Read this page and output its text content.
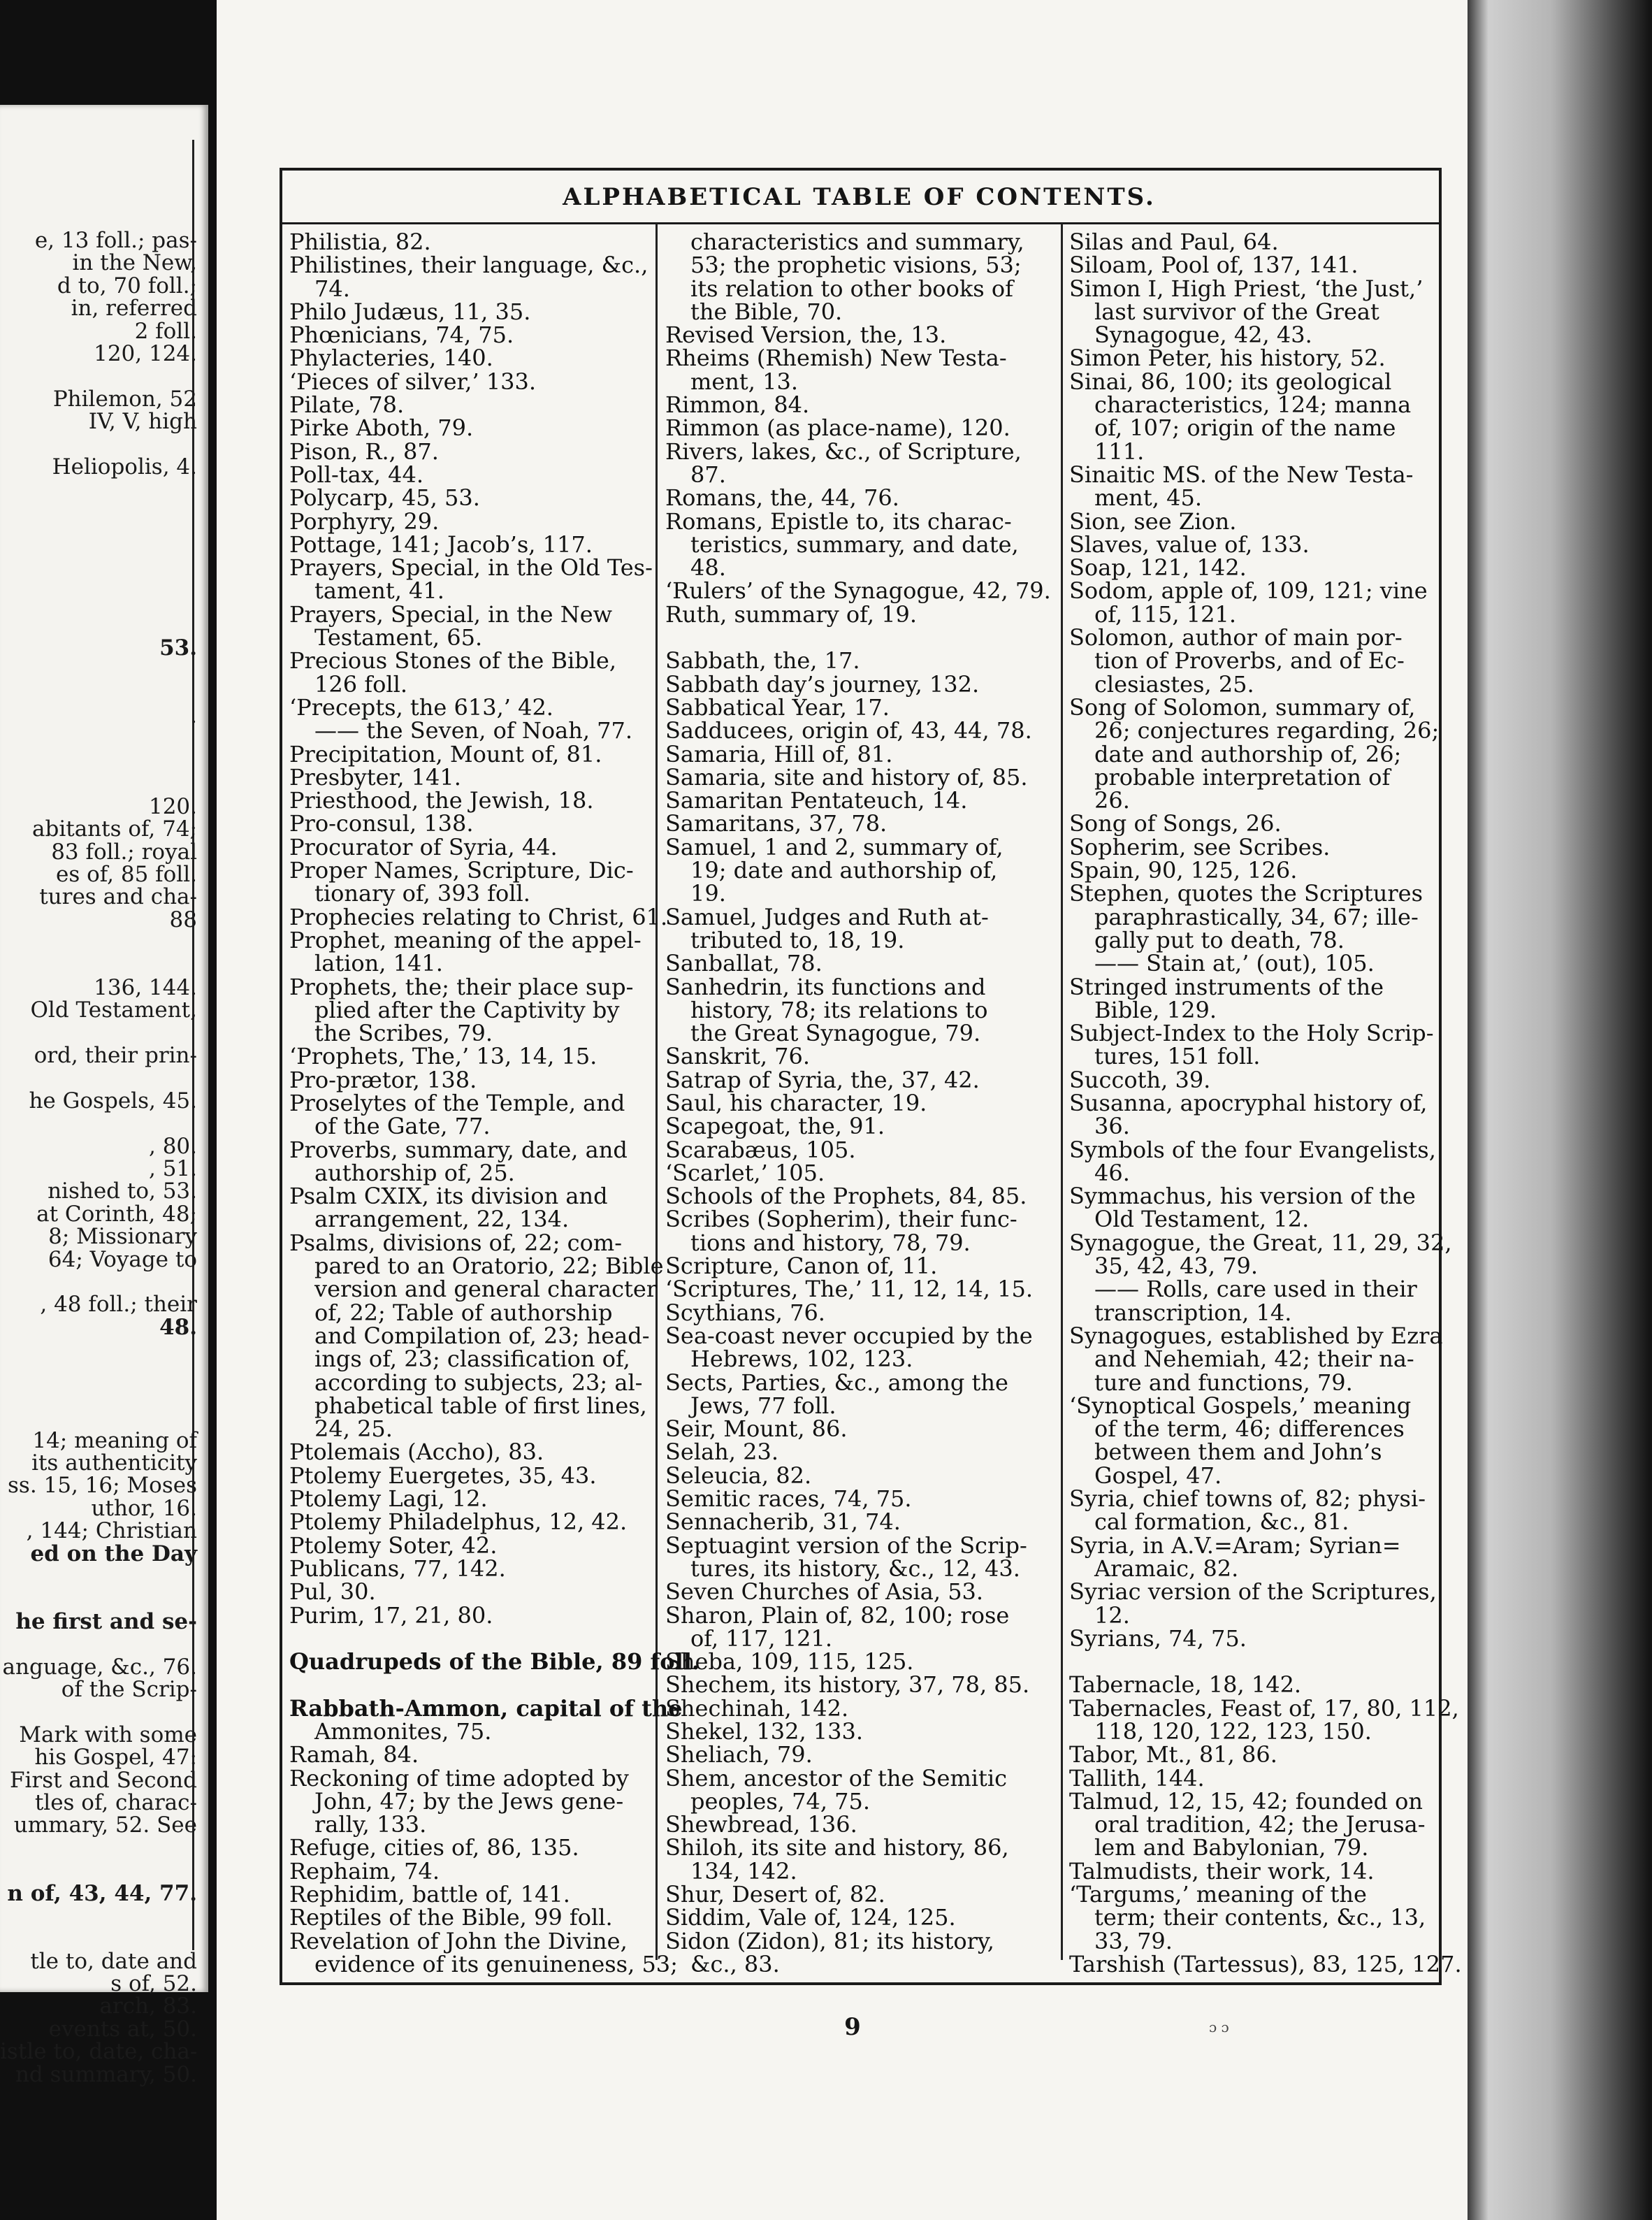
e, 13 foll.; pas-
in the New,
d to, 70 foll.;
in, referred
2 foll.
120, 124.
Philemon, 52
IV, V, high
Heliopolis, 4.
53.
.
120.
abitants of, 74;
83 foll.; royal
es of, 85 foll.
tures and cha-
88
136, 144.
Old Testament,
ord, their prin-
he Gospels, 45.
, 80.
, 51.
nished to, 53.
at Corinth, 48;
8; Missionary
64; Voyage to
, 48 foll.; their
48.
14; meaning of
its authenticity
ss. 15, 16; Moses
uthor, 16.
, 144; Christian
ed on the Day
he first and se-
anguage, &c., 76.
of the Scrip-
Mark with some
his Gospel, 47:
First and Second
tles of, charac-
ummary, 52. See
n of, 43, 44, 77.
tle to, date and
s of, 52.
arch, 83.
events at, 50.
istle to, date, cha-
nd summary, 50.
ALPHABETICAL TABLE OF CONTENTS.
Philistia, 82.
Philistines, their language, &c.,
74.
Philo Judæus, 11, 35.
Phœnicians, 74, 75.
Phylacteries, 140.
‘Pieces of silver,’ 133.
Pilate, 78.
Pirke Aboth, 79.
Pison, R., 87.
Poll-tax, 44.
Polycarp, 45, 53.
Porphyry, 29.
Pottage, 141; Jacob’s, 117.
Prayers, Special, in the Old Tes-
tament, 41.
Prayers, Special, in the New
Testament, 65.
Precious Stones of the Bible,
126 foll.
‘Precepts, the 613,’ 42.
—— the Seven, of Noah, 77.
Precipitation, Mount of, 81.
Presbyter, 141.
Priesthood, the Jewish, 18.
Pro-consul, 138.
Procurator of Syria, 44.
Proper Names, Scripture, Dic-
tionary of, 393 foll.
Prophecies relating to Christ, 61.
Prophet, meaning of the appel-
lation, 141.
Prophets, the; their place sup-
plied after the Captivity by
the Scribes, 79.
‘Prophets, The,’ 13, 14, 15.
Pro-prætor, 138.
Proselytes of the Temple, and
of the Gate, 77.
Proverbs, summary, date, and
authorship of, 25.
Psalm CXIX, its division and
arrangement, 22, 134.
Psalms, divisions of, 22; com-
pared to an Oratorio, 22; Bible
version and general character
of, 22; Table of authorship
and Compilation of, 23; head-
ings of, 23; classification of,
according to subjects, 23; al-
phabetical table of first lines,
24, 25.
Ptolemais (Accho), 83.
Ptolemy Euergetes, 35, 43.
Ptolemy Lagi, 12.
Ptolemy Philadelphus, 12, 42.
Ptolemy Soter, 42.
Publicans, 77, 142.
Pul, 30.
Purim, 17, 21, 80.
Quadrupeds of the Bible, 89 foll.
Rabbath-Ammon, capital of the
Ammonites, 75.
Ramah, 84.
Reckoning of time adopted by
John, 47; by the Jews gene-
rally, 133.
Refuge, cities of, 86, 135.
Rephaim, 74.
Rephidim, battle of, 141.
Reptiles of the Bible, 99 foll.
Revelation of John the Divine,
evidence of its genuineness, 53;
characteristics and summary,
53; the prophetic visions, 53;
its relation to other books of
the Bible, 70.
Revised Version, the, 13.
Rheims (Rhemish) New Testa-
ment, 13.
Rimmon, 84.
Rimmon (as place-name), 120.
Rivers, lakes, &c., of Scripture,
87.
Romans, the, 44, 76.
Romans, Epistle to, its charac-
teristics, summary, and date,
48.
‘Rulers’ of the Synagogue, 42, 79.
Ruth, summary of, 19.
Sabbath, the, 17.
Sabbath day’s journey, 132.
Sabbatical Year, 17.
Sadducees, origin of, 43, 44, 78.
Samaria, Hill of, 81.
Samaria, site and history of, 85.
Samaritan Pentateuch, 14.
Samaritans, 37, 78.
Samuel, 1 and 2, summary of,
19; date and authorship of,
19.
Samuel, Judges and Ruth at-
tributed to, 18, 19.
Sanballat, 78.
Sanhedrin, its functions and
history, 78; its relations to
the Great Synagogue, 79.
Sanskrit, 76.
Satrap of Syria, the, 37, 42.
Saul, his character, 19.
Scapegoat, the, 91.
Scarabæus, 105.
‘Scarlet,’ 105.
Schools of the Prophets, 84, 85.
Scribes (Sopherim), their func-
tions and history, 78, 79.
Scripture, Canon of, 11.
‘Scriptures, The,’ 11, 12, 14, 15.
Scythians, 76.
Sea-coast never occupied by the
Hebrews, 102, 123.
Sects, Parties, &c., among the
Jews, 77 foll.
Seir, Mount, 86.
Selah, 23.
Seleucia, 82.
Semitic races, 74, 75.
Sennacherib, 31, 74.
Septuagint version of the Scrip-
tures, its history, &c., 12, 43.
Seven Churches of Asia, 53.
Sharon, Plain of, 82, 100; rose
of, 117, 121.
Sheba, 109, 115, 125.
Shechem, its history, 37, 78, 85.
Shechinah, 142.
Shekel, 132, 133.
Sheliach, 79.
Shem, ancestor of the Semitic
peoples, 74, 75.
Shewbread, 136.
Shiloh, its site and history, 86,
134, 142.
Shur, Desert of, 82.
Siddim, Vale of, 124, 125.
Sidon (Zidon), 81; its history,
&c., 83.
Silas and Paul, 64.
Siloam, Pool of, 137, 141.
Simon I, High Priest, ‘the Just,’
last survivor of the Great
Synagogue, 42, 43.
Simon Peter, his history, 52.
Sinai, 86, 100; its geological
characteristics, 124; manna
of, 107; origin of the name
111.
Sinaitic MS. of the New Testa-
ment, 45.
Sion, see Zion.
Slaves, value of, 133.
Soap, 121, 142.
Sodom, apple of, 109, 121; vine
of, 115, 121.
Solomon, author of main por-
tion of Proverbs, and of Ec-
clesiastes, 25.
Song of Solomon, summary of,
26; conjectures regarding, 26;
date and authorship of, 26;
probable interpretation of
26.
Song of Songs, 26.
Sopherim, see Scribes.
Spain, 90, 125, 126.
Stephen, quotes the Scriptures
paraphrastically, 34, 67; ille-
gally put to death, 78.
—— Stain at,’ (out), 105.
Stringed instruments of the
Bible, 129.
Subject-Index to the Holy Scrip-
tures, 151 foll.
Succoth, 39.
Susanna, apocryphal history of,
36.
Symbols of the four Evangelists,
46.
Symmachus, his version of the
Old Testament, 12.
Synagogue, the Great, 11, 29, 32,
35, 42, 43, 79.
—— Rolls, care used in their
transcription, 14.
Synagogues, established by Ezra
and Nehemiah, 42; their na-
ture and functions, 79.
‘Synoptical Gospels,’ meaning
of the term, 46; differences
between them and John’s
Gospel, 47.
Syria, chief towns of, 82; physi-
cal formation, &c., 81.
Syria, in A.V.=Aram; Syrian=
Aramaic, 82.
Syriac version of the Scriptures,
12.
Syrians, 74, 75.
Tabernacle, 18, 142.
Tabernacles, Feast of, 17, 80, 112,
118, 120, 122, 123, 150.
Tabor, Mt., 81, 86.
Tallith, 144.
Talmud, 12, 15, 42; founded on
oral tradition, 42; the Jerusa-
lem and Babylonian, 79.
Talmudists, their work, 14.
‘Targums,’ meaning of the
term; their contents, &c., 13,
33, 79.
Tarshish (Tartessus), 83, 125, 127.
9	ɔ ɔ
